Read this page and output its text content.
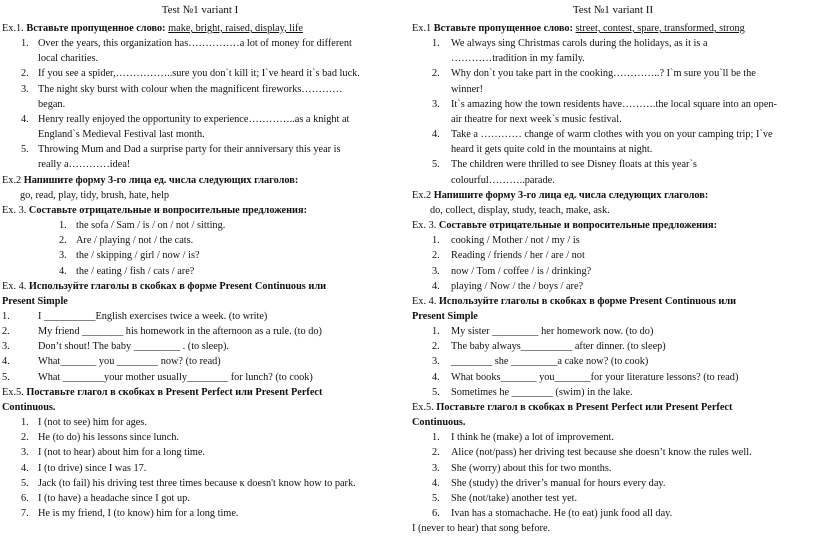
Test №1 variant I
Ex.1. Вставьте пропущенное слово: make, bright, raised, display, life
1. Over the years, this organization has……………a lot of money for different
local charities.
2. If you see a spider,……………..sure you don`t kill it; I`ve heard it`s bad luck.
3. The night sky burst with colour when the magnificent fireworks…………
began.
4. Henry really enjoyed the opportunity to experience…………..as a knight at
England`s Medieval Festival last month.
5. Throwing Mum and Dad a surprise party for their anniversary this year is
really a…………idea!
Ex.2 Напишите форму 3-го лица ед. числа следующих глаголов:
go, read, play, tidy, brush, hate, help
Ex. 3. Составьте отрицательные и вопросительные предложения:
1. the sofa / Sam / is / on / not / sitting.
2. Are / playing / not / the cats.
3. the / skipping / girl / now / is?
4. the / eating / fish / cats / are?
Ex. 4. Используйте глаголы в скобках в форме Present Continuous или
Present Simple
1.	I __________English exercises twice a week. (to write)
2.	My friend ________ his homework in the afternoon as a rule. (to do)
3.	Don’t shout! The baby _________ . (to sleep).
4.	What_______ you ________ now? (to read)
5.	What ________your mother usually________ for lunch? (to cook)
Ex.5. Поставьте глагол в скобках в Present Perfect или Present Perfect
Continuous.
1. I (not to see) him for ages.
2. He (to do) his lessons since lunch.
3. I (not to hear) about him for a long time.
4. I (to drive) since I was 17.
5. Jack (to fail) his driving test three times because к doesn't know how to park.
6. I (to have) a headache since I got up.
7. He is my friend, I (to know) him for a long time.
Test №1 variant II
Ex.1 Вставьте пропущенное слово: street, contest, spare, transformed, strong
1. We always sing Christmas carols during the holidays, as it is a
…………tradition in my family.
2. Why don`t you take part in the cooking…………..? I`m sure you`ll be the
winner!
3. It`s amazing how the town residents have……….the local square into an open-
air theatre for next week`s music festival.
4. Take a ………… change of warm clothes with you on your camping trip; I`ve
heard it gets quite cold in the mountains at night.
5. The children were thrilled to see Disney floats at this year`s
colourful………..parade.
Ex.2 Напишите форму 3-го лица ед. числа следующих глаголов:
do, collect, display, study, teach, make, ask.
Ex. 3. Составьте отрицательные и вопросительные предложения:
1. cooking / Mother / not / my / is
2. Reading / friends / her / are / not
3. now / Tom / coffee / is / drinking?
4. playing / Now / the / boys / are?
Ex. 4. Используйте глаголы в скобках в форме Present Continuous или
Present Simple
1. My sister _________ her homework now. (to do)
2. The baby always__________ after dinner. (to sleep)
3. ________ she _________a cake now? (to cook)
4. What books_______ you_______for your literature lessons? (to read)
5. Sometimes he ________ (swim) in the lake.
Ex.5. Поставьте глагол в скобках в Present Perfect или Present Perfect
Continuous.
1. I think he (make) a lot of improvement.
2. Alice (not/pass) her driving test because she doesn’t know the rules well.
3. She (worry) about this for two months.
4. She (study) the driver’s manual for hours every day.
5. She (not/take) another test yet.
6. Ivan has a stomachache. He (to eat) junk food all day.
I (never to hear) that song before.
